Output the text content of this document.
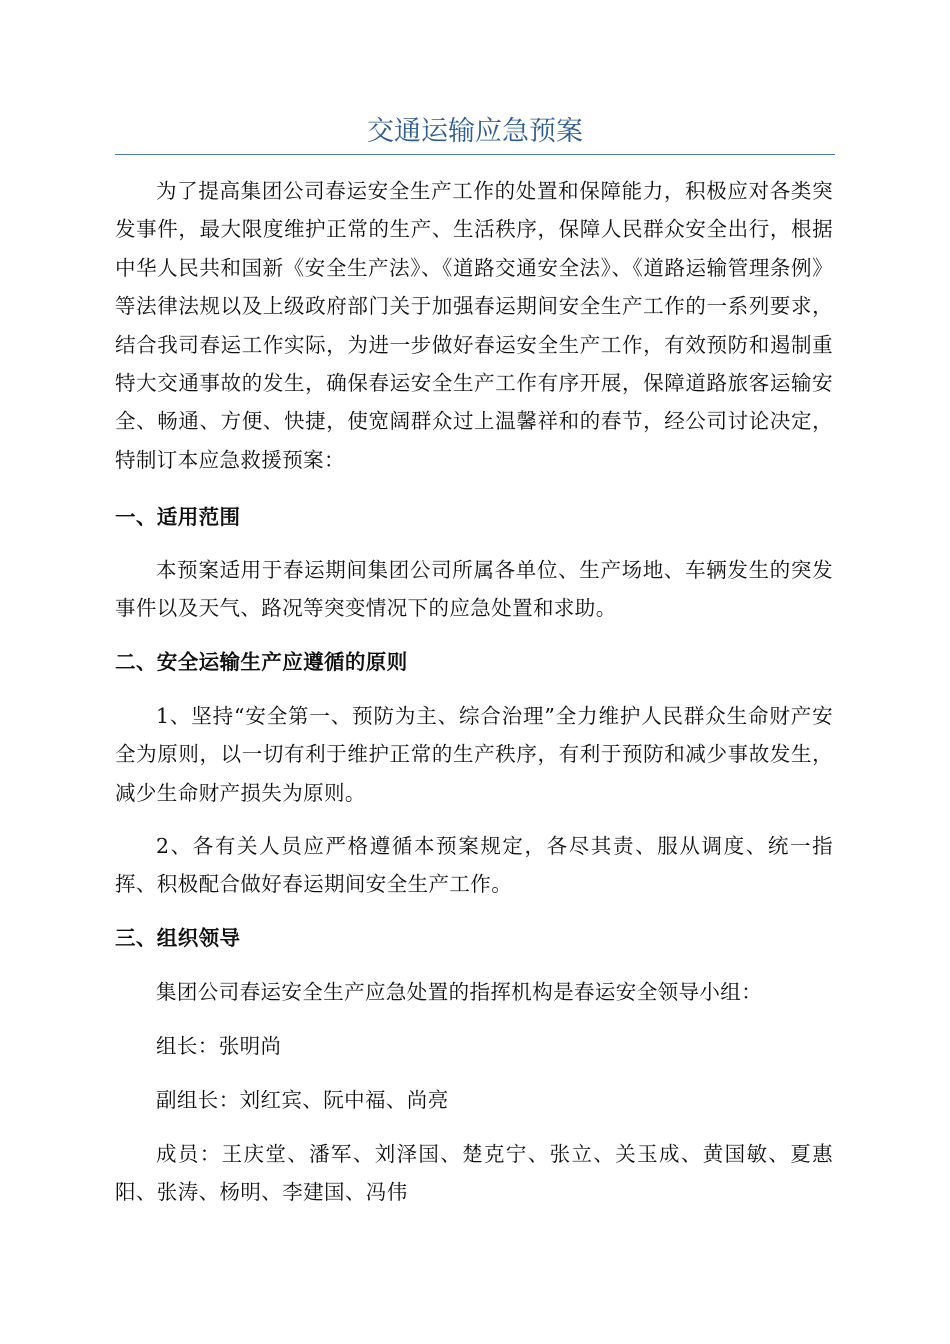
交通运输应急预案

为了提高集团公司春运安全生产工作的处置和保障能力，积极应对各类突发事件，最大限度维护正常的生产、生活秩序，保障人民群众安全出行，根据中华人民共和国新《安全生产法》、《道路交通安全法》、《道路运输管理条例》等法律法规以及上级政府部门关于加强春运期间安全生产工作的一系列要求，结合我司春运工作实际，为进一步做好春运安全生产工作，有效预防和遏制重特大交通事故的发生，确保春运安全生产工作有序开展，保障道路旅客运输安全、畅通、方便、快捷，使宽阔群众过上温馨祥和的春节，经公司讨论决定，特制订本应急救援预案：

一、适用范围

本预案适用于春运期间集团公司所属各单位、生产场地、车辆发生的突发事件以及天气、路况等突变情况下的应急处置和求助。

二、安全运输生产应遵循的原则

1、坚持“安全第一、预防为主、综合治理”全力维护人民群众生命财产安全为原则，以一切有利于维护正常的生产秩序，有利于预防和减少事故发生，减少生命财产损失为原则。

2、各有关人员应严格遵循本预案规定，各尽其责、服从调度、统一指挥、积极配合做好春运期间安全生产工作。

三、组织领导

集团公司春运安全生产应急处置的指挥机构是春运安全领导小组：

组长：张明尚

副组长：刘红宾、阮中福、尚亮

成员：王庆堂、潘军、刘泽国、楚克宁、张立、关玉成、黄国敏、夏惠阳、张涛、杨明、李建国、冯伟
